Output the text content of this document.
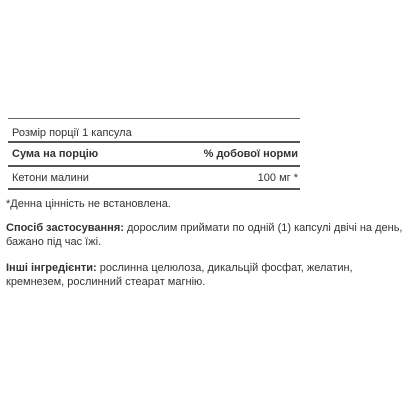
Розмір порції 1 капсула
Сума на порцію	% добової норми
Кетони малини	100 мг *
*Денна цінність не встановлена.
Спосіб застосування: дорослим приймати по одній (1) капсулі двічі на день, бажано під час їжі.
Інші інгредієнти: рослинна целюлоза, дикальцій фосфат, желатин, кремнезем, рослинний стеарат магнію.
